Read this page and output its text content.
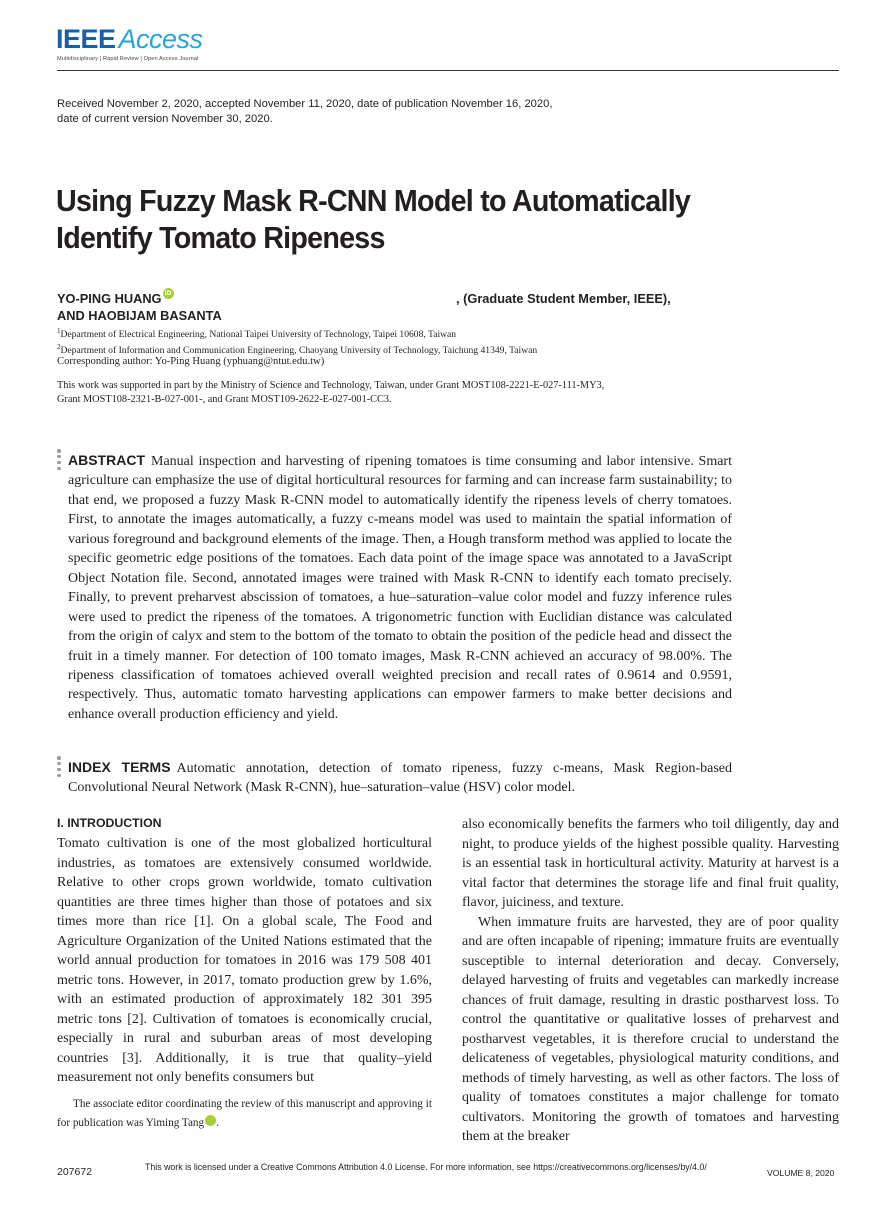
IEEE Access
Multidisciplinary | Rapid Review | Open Access Journal
Received November 2, 2020, accepted November 11, 2020, date of publication November 16, 2020,
date of current version November 30, 2020.
Using Fuzzy Mask R-CNN Model to Automatically Identify Tomato Ripeness
YO-PING HUANG iD	, (Graduate Student Member, IEEE),
AND HAOBIJAM BASANTA
$^1$Department of Electrical Engineering, National Taipei University of Technology, Taipei 10608, Taiwan
$^2$Department of Information and Communication Engineering, Chaoyang University of Technology, Taichung 41349, Taiwan
Corresponding author: Yo-Ping Huang (yphuang@ntut.edu.tw)
This work was supported in part by the Ministry of Science and Technology, Taiwan, under Grant MOST108-2221-E-027-111-MY3,
Grant MOST108-2321-B-027-001-, and Grant MOST109-2622-E-027-001-CC3.
ABSTRACT Manual inspection and harvesting of ripening tomatoes is time consuming and labor intensive. Smart agriculture can emphasize the use of digital horticultural resources for farming and can increase farm sustainability; to that end, we proposed a fuzzy Mask R-CNN model to automatically identify the ripeness levels of cherry tomatoes. First, to annotate the images automatically, a fuzzy c-means model was used to maintain the spatial information of various foreground and background elements of the image. Then, a Hough transform method was applied to locate the specific geometric edge positions of the tomatoes. Each data point of the image space was annotated to a JavaScript Object Notation file. Second, annotated images were trained with Mask R-CNN to identify each tomato precisely. Finally, to prevent preharvest abscission of tomatoes, a hue–saturation–value color model and fuzzy inference rules were used to predict the ripeness of the tomatoes. A trigonometric function with Euclidian distance was calculated from the origin of calyx and stem to the bottom of the tomato to obtain the position of the pedicle head and dissect the fruit in a timely manner. For detection of 100 tomato images, Mask R-CNN achieved an accuracy of 98.00%. The ripeness classification of tomatoes achieved overall weighted precision and recall rates of 0.9614 and 0.9591, respectively. Thus, automatic tomato harvesting applications can empower farmers to make better decisions and enhance overall production efficiency and yield.
INDEX TERMS Automatic annotation, detection of tomato ripeness, fuzzy c-means, Mask Region-based Convolutional Neural Network (Mask R-CNN), hue–saturation–value (HSV) color model.
I. INTRODUCTION

Tomato cultivation is one of the most globalized horticultural industries, as tomatoes are extensively consumed worldwide. Relative to other crops grown worldwide, tomato cultivation quantities are three times higher than those of potatoes and six times more than rice [1]. On a global scale, The Food and Agriculture Organization of the United Nations estimated that the world annual production for tomatoes in 2016 was 179 508 401 metric tons. However, in 2017, tomato production grew by 1.6%, with an estimated production of approximately 182 301 395 metric tons [2]. Cultivation of tomatoes is economically crucial, especially in rural and suburban areas of most developing countries [3]. Additionally, it is true that quality–yield measurement not only benefits consumers but

also economically benefits the farmers who toil diligently, day and night, to produce yields of the highest possible quality. Harvesting is an essential task in horticultural activity. Maturity at harvest is a vital factor that determines the storage life and final fruit quality, flavor, juiciness, and texture.

When immature fruits are harvested, they are of poor quality and are often incapable of ripening; immature fruits are eventually susceptible to internal deterioration and decay. Conversely, delayed harvesting of fruits and vegetables can markedly increase chances of fruit damage, resulting in drastic postharvest loss. To control the quantitative or qualitative losses of preharvest and postharvest vegetables, it is therefore crucial to understand the delicateness of vegetables, physiological maturity conditions, and methods of timely harvesting, as well as other factors. The loss of quality of tomatoes constitutes a major challenge for tomato cultivators. Monitoring the growth of tomatoes and harvesting them at the breaker

The associate editor coordinating the review of this manuscript and approving it for publication was Yiming Tang	iD.

207672	This work is licensed under a Creative Commons Attribution 4.0 License. For more information, see https://creativecommons.org/licenses/by/4.0/
VOLUME 8, 2020
